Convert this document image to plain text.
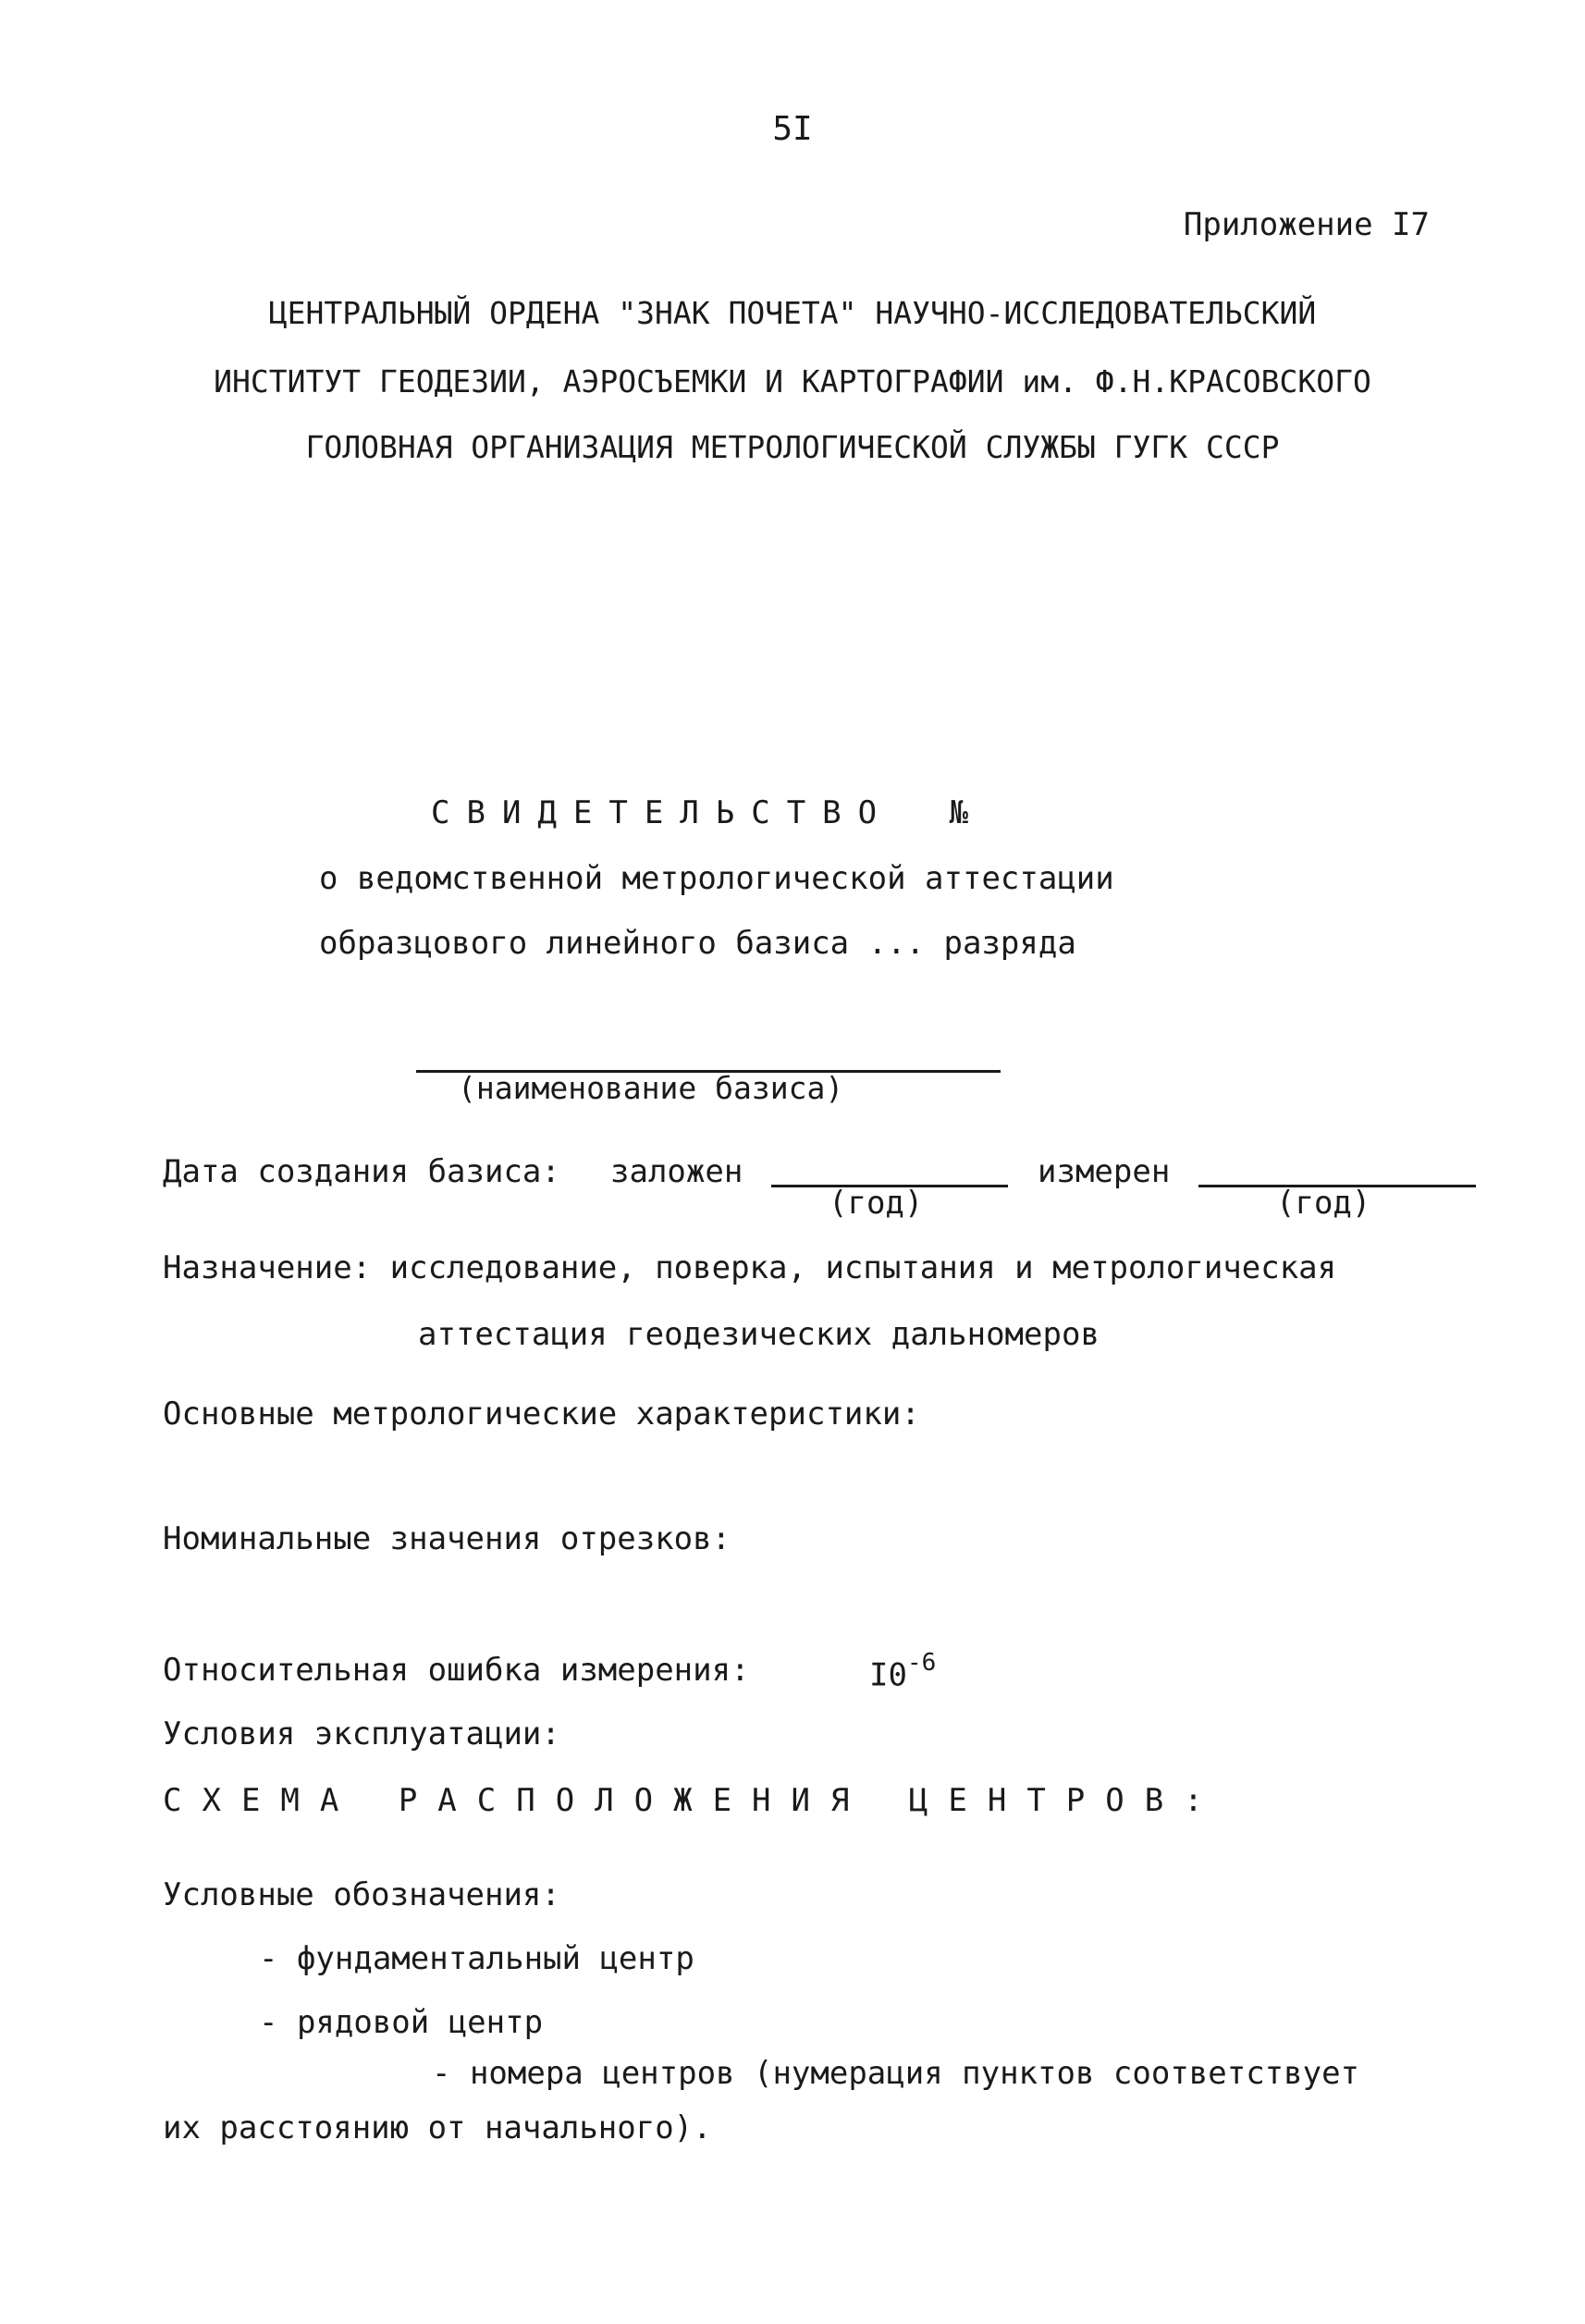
5I
Приложение I7
ЦЕНТРАЛЬНЫЙ ОРДЕНА "ЗНАК ПОЧЕТА" НАУЧНО-ИССЛЕДОВАТЕЛЬСКИЙ
ИНСТИТУТ ГЕОДЕЗИИ, АЭРОСЪЕМКИ И КАРТОГРАФИИ им. Ф.Н.КРАСОВСКОГО
ГОЛОВНАЯ ОРГАНИЗАЦИЯ МЕТРОЛОГИЧЕСКОЙ СЛУЖБЫ ГУГК СССР
СВИДЕТЕЛЬСТВО №
о ведомственной метрологической аттестации
образцового линейного базиса ... разряда
(наименование базиса)
Дата создания базиса: заложен
(год)
измерен
(год)
Назначение: исследование, поверка, испытания и метрологическая
аттестация геодезических дальномеров
Основные метрологические характеристики:
Номинальные значения отрезков:
Относительная ошибка измерения:	$I0^{-6}$
Условия эксплуатации:
СХЕМА РАСПОЛОЖЕНИЯ ЦЕНТРОВ:
Условные обозначения:
- фундаментальный центр
- рядовой центр
- номера центров (нумерация пунктов соответствует
их расстоянию от начального).
